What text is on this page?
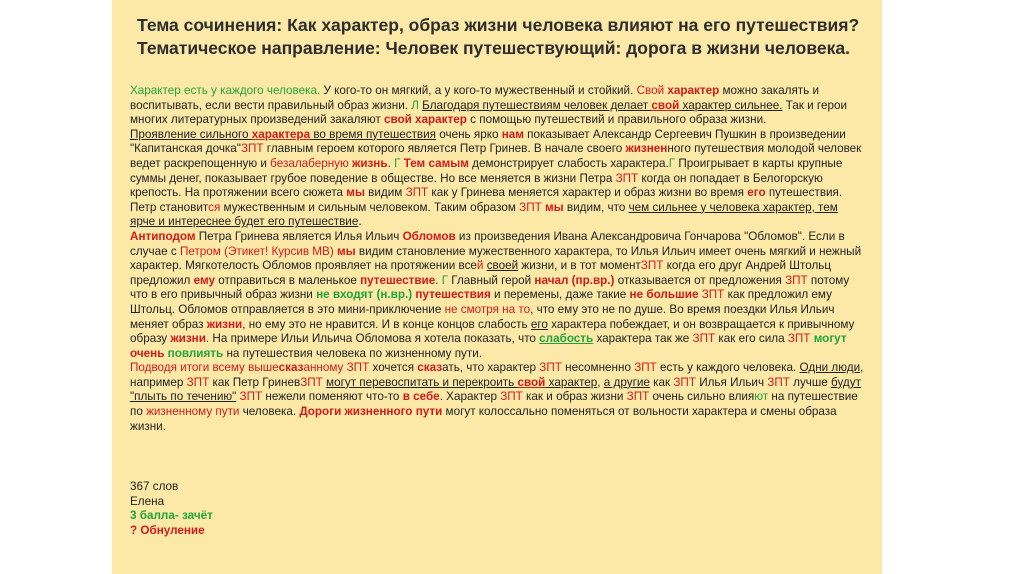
Тема сочинения: Как характер, образ жизни человека влияют на его путешествия?
Тематическое направление: Человек путешествующий: дорога в жизни человека.

Характер есть у каждого человека. У кого-то он мягкий, а у кого-то мужественный и стойкий. Свой характер можно закалять и воспитывать, если вести правильный образ жизни. Л Благодаря путешествиям человек делает свой характер сильнее. Так и герои многих литературных произведений закаляют свой характер с помощью путешествий и правильного образа жизни.

Проявление сильного характера во время путешествия очень ярко нам показывает Александр Сергеевич Пушкин в произведении "Капитанская дочка"ЗПТ главным героем которого является Петр Гринев. В начале своего жизненного путешествия молодой человек ведет раскрепощенную и безалаберную жизнь. Г Тем самым демонстрирует слабость характера.Г Проигрывает в карты крупные суммы денег, показывает грубое поведение в обществе. Но все меняется в жизни Петра ЗПТ когда он попадает в Белогорскую крепость. На протяжении всего сюжета мы видим ЗПТ как у Гринева меняется характер и образ жизни во время его путешествия. Петр становится мужественным и сильным человеком. Таким образом ЗПТ мы видим, что чем сильнее у человека характер, тем ярче и интереснее будет его путешествие.

Антиподом Петра Гринева является Илья Ильич Обломов из произведения Ивана Александровича Гончарова "Обломов". Если в случае с Петром (Этикет! Курсив МВ) мы видим становление мужественного характера, то Илья Ильич имеет очень мягкий и нежный характер. Мягкотелость Обломов проявляет на протяжении всей своей жизни, и в тот моментЗПТ когда его друг Андрей Штольц предложил ему отправиться в маленькое путешествие. Г Главный герой начал (пр.вр.) отказывается от предложения ЗПТ потому что в его привычный образ жизни не входят (н.вр.) путешествия и перемены, даже такие не большие ЗПТ как предложил ему Штольц. Обломов отправляется в это мини-приключение не смотря на то, что ему это не по душе. Во время поездки Илья Ильич меняет образ жизни, но ему это не нравится. И в конце концов слабость его характера побеждает, и он возвращается к привычному образу жизни. На примере Ильи Ильича Обломова я хотела показать, что слабость характера так же ЗПТ как его сила ЗПТ могут очень повлиять на путешествия человека по жизненному пути.

Подводя итоги всему вышесказанному ЗПТ хочется сказать, что характер ЗПТ несомненно ЗПТ есть у каждого человека. Одни люди, например ЗПТ как Петр ГриневЗПТ могут перевоспитать и перекроить свой характер, а другие как ЗПТ Илья Ильич ЗПТ лучше будут "плыть по течению" ЗПТ нежели поменяют что-то в себе. Характер ЗПТ как и образ жизни ЗПТ очень сильно влияют на путешествие по жизненному пути человека. Дороги жизненного пути могут колоссально поменяться от вольности характера и смены образа жизни.

367 слов
Елена
3 балла- зачёт
? Обнуление
